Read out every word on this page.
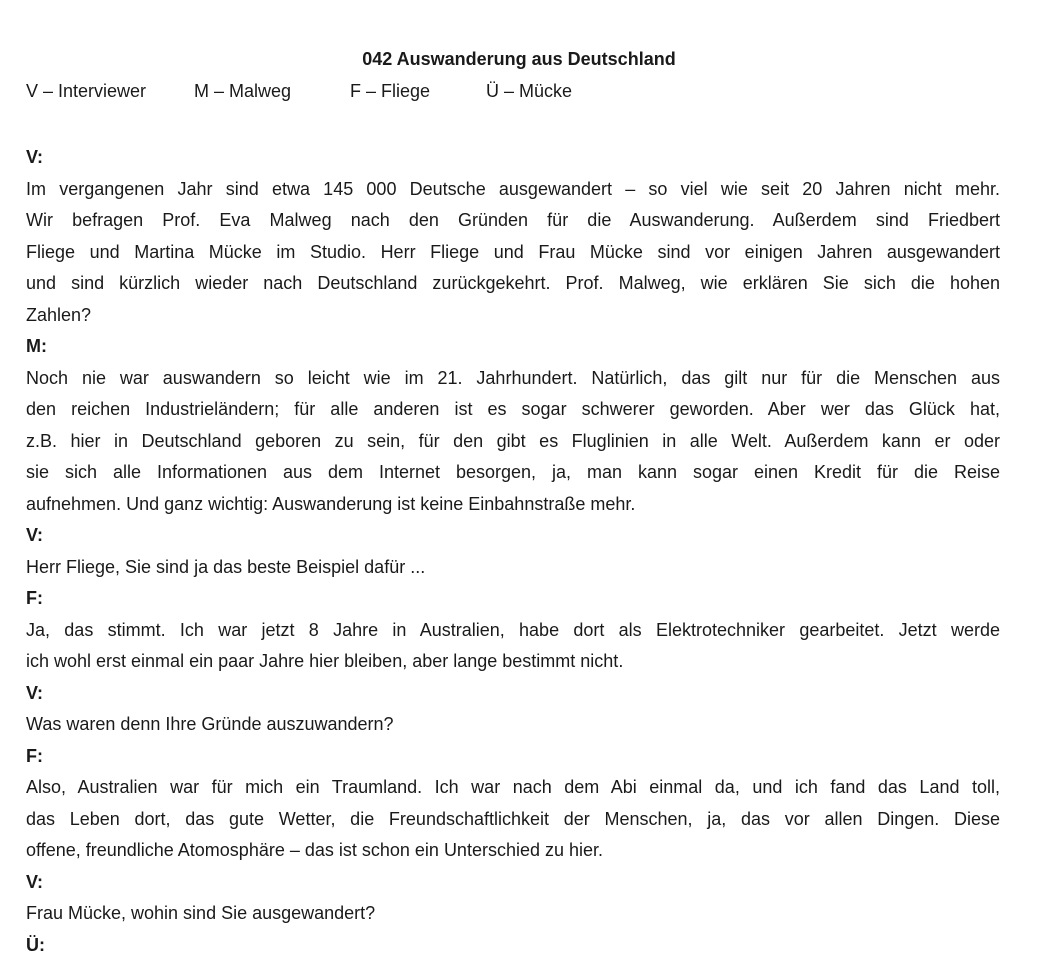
042 Auswanderung aus Deutschland
V – Interviewer	M – Malweg	F – Fliege	Ü – Mücke
V:
Im vergangenen Jahr sind etwa 145 000 Deutsche ausgewandert – so viel wie seit 20 Jahren nicht mehr.
Wir befragen Prof. Eva Malweg nach den Gründen für die Auswanderung. Außerdem sind Friedbert
Fliege und Martina Mücke im Studio. Herr Fliege und Frau Mücke sind vor einigen Jahren ausgewandert
und sind kürzlich wieder nach Deutschland zurückgekehrt. Prof. Malweg, wie erklären Sie sich die hohen
Zahlen?
M:
Noch nie war auswandern so leicht wie im 21. Jahrhundert. Natürlich, das gilt nur für die Menschen aus
den reichen Industrieländern; für alle anderen ist es sogar schwerer geworden. Aber wer das Glück hat,
z.B. hier in Deutschland geboren zu sein, für den gibt es Fluglinien in alle Welt. Außerdem kann er oder
sie sich alle Informationen aus dem Internet besorgen, ja, man kann sogar einen Kredit für die Reise
aufnehmen. Und ganz wichtig: Auswanderung ist keine Einbahnstraße mehr.
V:
Herr Fliege, Sie sind ja das beste Beispiel dafür ...
F:
Ja, das stimmt. Ich war jetzt 8 Jahre in Australien, habe dort als Elektrotechniker gearbeitet. Jetzt werde
ich wohl erst einmal ein paar Jahre hier bleiben, aber lange bestimmt nicht.
V:
Was waren denn Ihre Gründe auszuwandern?
F:
Also, Australien war für mich ein Traumland. Ich war nach dem Abi einmal da, und ich fand das Land toll,
das Leben dort, das gute Wetter, die Freundschaftlichkeit der Menschen, ja, das vor allen Dingen. Diese
offene, freundliche Atomosphäre – das ist schon ein Unterschied zu hier.
V:
Frau Mücke, wohin sind Sie ausgewandert?
Ü:
